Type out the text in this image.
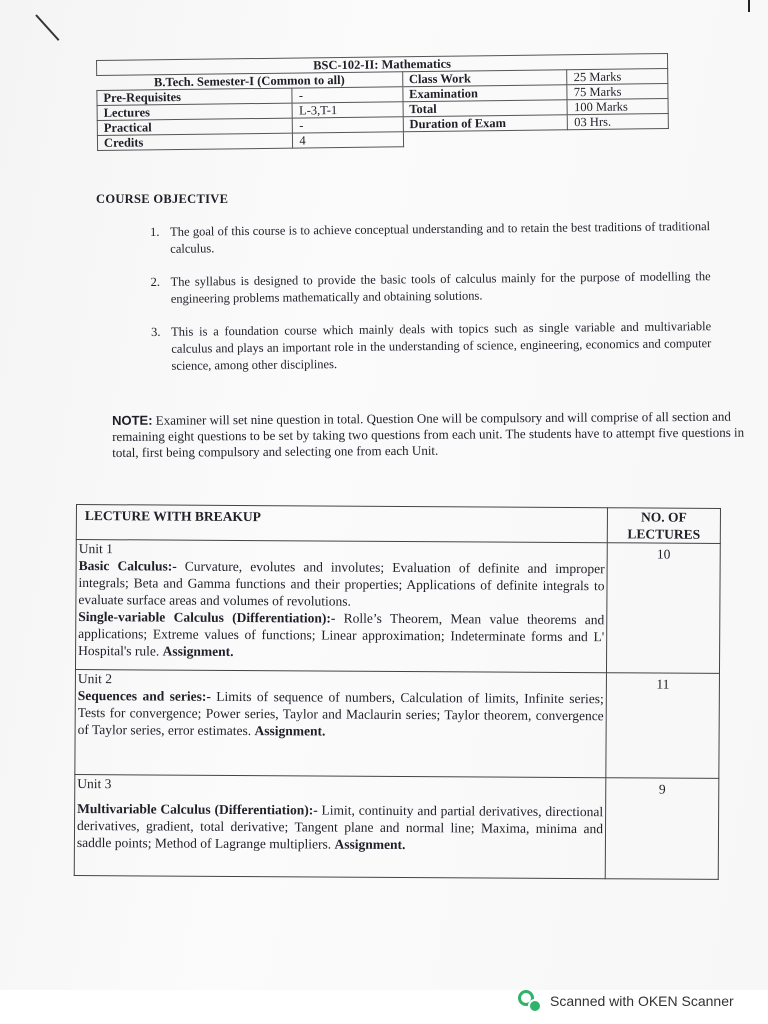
BSC-102-II: Mathematics			
B.Tech. Semester-I (Common to all)		Class Work	25 Marks
Pre-Requisites	-	Examination	75 Marks
Lectures	L-3,T-1	Total	100 Marks
Practical	-	Duration of Exam	03 Hrs.
Credits	4		
COURSE OBJECTIVE
1. The goal of this course is to achieve conceptual understanding and to retain the best traditions of traditional calculus.
2. The syllabus is designed to provide the basic tools of calculus mainly for the purpose of modelling the engineering problems mathematically and obtaining solutions.
3. This is a foundation course which mainly deals with topics such as single variable and multivariable calculus and plays an important role in the understanding of science, engineering, economics and computer science, among other disciplines.

NOTE: Examiner will set nine question in total. Question One will be compulsory and will comprise of all section and remaining eight questions to be set by taking two questions from each unit. The students have to attempt five questions in total, first being compulsory and selecting one from each Unit.

LECTURE WITH BREAKUP	NO. OF LECTURES

Unit 1
Basic Calculus:- Curvature, evolutes and involutes; Evaluation of definite and improper integrals; Beta and Gamma functions and their properties; Applications of definite integrals to evaluate surface areas and volumes of revolutions.
Single-variable Calculus (Differentiation):- Rolle’s Theorem, Mean value theorems and applications; Extreme values of functions; Linear approximation; Indeterminate forms and L' Hospital's rule. Assignment.	10

Unit 2
Sequences and series:- Limits of sequence of numbers, Calculation of limits, Infinite series; Tests for convergence; Power series, Taylor and Maclaurin series; Taylor theorem, convergence of Taylor series, error estimates. Assignment.	11

Unit 3
Multivariable Calculus (Differentiation):- Limit, continuity and partial derivatives, directional derivatives, gradient, total derivative; Tangent plane and normal line; Maxima, minima and saddle points; Method of Lagrange multipliers. Assignment.	9
Scanned with OKEN Scanner
